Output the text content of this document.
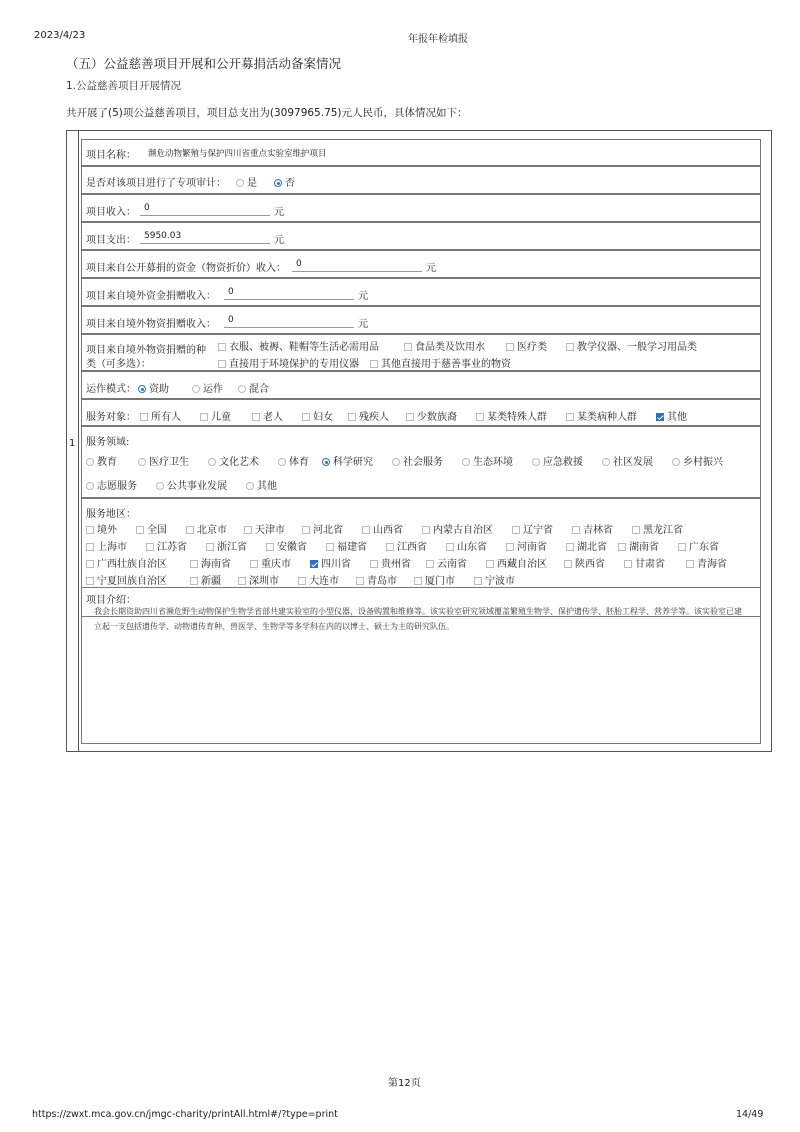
2023/4/23	年报年检填报
（五）公益慈善项目开展和公开募捐活动备案情况
1.公益慈善项目开展情况
共开展了(5)项公益慈善项目，项目总支出为(3097965.75)元人民币，具体情况如下：
1
项目名称： 濒危动物繁殖与保护四川省重点实验室维护项目
是否对该项目进行了专项审计：	是	否
项目收入： 0	元
项目支出： 5950.03	元
项目来自公开募捐的资金（物资折价）收入： 0	元
项目来自境外资金捐赠收入： 0	元
项目来自境外物资捐赠收入： 0	元
项目来自境外物资捐赠的种
类（可多选）：
衣服、被褥、鞋帽等生活必需用品	食品类及饮用水	医疗类	教学仪器、一般学习用品类
直接用于环境保护的专用仪器	其他直接用于慈善事业的物资
运作模式：	资助	运作	混合
服务对象：	所有人	儿童	老人	妇女	残疾人	少数族裔	某类特殊人群	某类病种人群	其他
服务领域:
教育	医疗卫生	文化艺术	体育	科学研究	社会服务	生态环境	应急救援	社区发展	乡村振兴
志愿服务	公共事业发展	其他
服务地区：
境外	全国	北京市	天津市	河北省	山西省	内蒙古自治区	辽宁省	吉林省	黑龙江省
上海市	江苏省	浙江省	安徽省	福建省	江西省	山东省	河南省	湖北省	湖南省	广东省
广西壮族自治区	海南省	重庆市	四川省	贵州省	云南省	西藏自治区	陕西省	甘肃省	青海省
宁夏回族自治区	新疆	深圳市	大连市	青岛市	厦门市	宁波市
项目介绍：
我会长期资助四川省濒危野生动物保护生物学省部共建实验室的小型仪器，设备购置和维修等。该实验室研究领域覆盖繁殖生物学、保护遗传学、胚胎工程学、营养学等。该实验室已建立起一支包括遗传学、动物遗传育种、兽医学、生物学等多学科在内的以博士、硕士为主的研究队伍。
第12页
https://zwxt.mca.gov.cn/jmgc-charity/printAll.html#/?type=print	14/49
